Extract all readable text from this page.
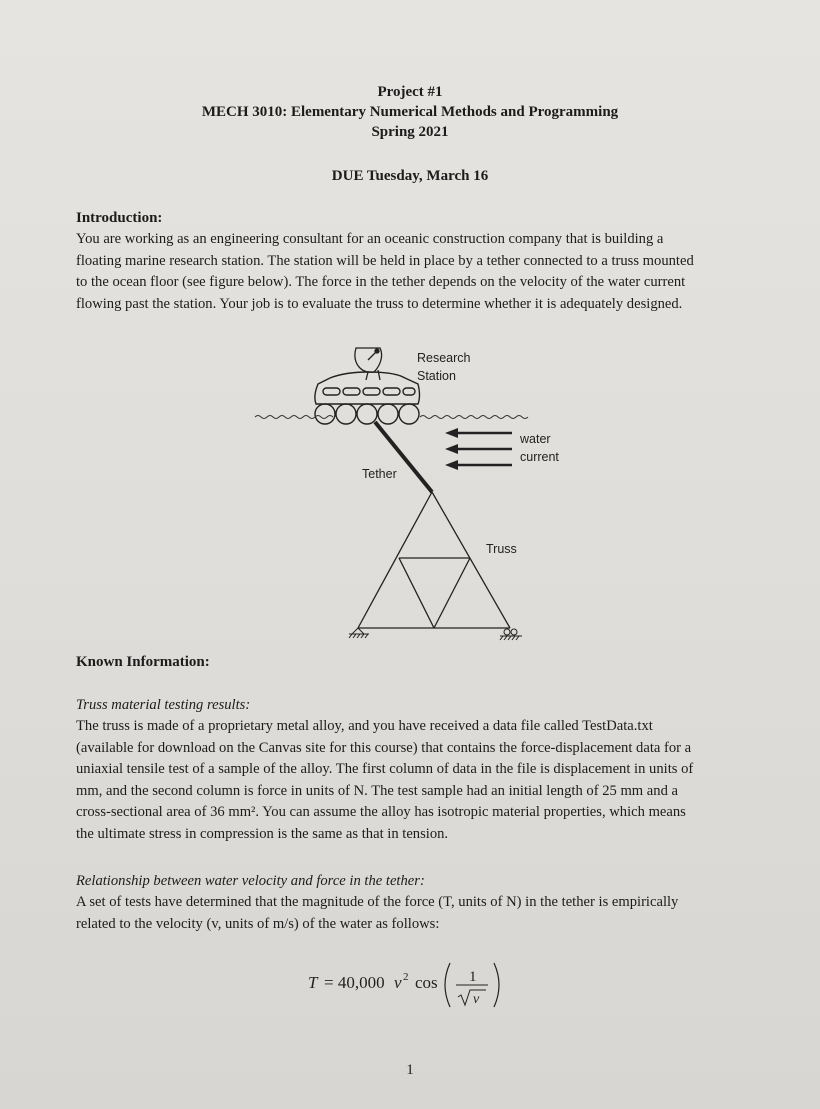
Project #1
MECH 3010: Elementary Numerical Methods and Programming
Spring 2021
DUE Tuesday, March 16
Introduction:
You are working as an engineering consultant for an oceanic construction company that is building a
floating marine research station. The station will be held in place by a tether connected to a truss mounted
to the ocean floor (see figure below). The force in the tether depends on the velocity of the water current
flowing past the station. Your job is to evaluate the truss to determine whether it is adequately designed.
Research
Station
water
current
Tether
Truss
Known Information:
Truss material testing results:
The truss is made of a proprietary metal alloy, and you have received a data file called TestData.txt
(available for download on the Canvas site for this course) that contains the force-displacement data for a
uniaxial tensile test of a sample of the alloy. The first column of data in the file is displacement in units of
mm, and the second column is force in units of N. The test sample had an initial length of 25 mm and a
cross-sectional area of 36 mm². You can assume the alloy has isotropic material properties, which means
the ultimate stress in compression is the same as that in tension.
Relationship between water velocity and force in the tether:
A set of tests have determined that the magnitude of the force (T, units of N) in the tether is empirically
related to the velocity (v, units of m/s) of the water as follows:
T = 40,000 v 2 cos 1
v
1
